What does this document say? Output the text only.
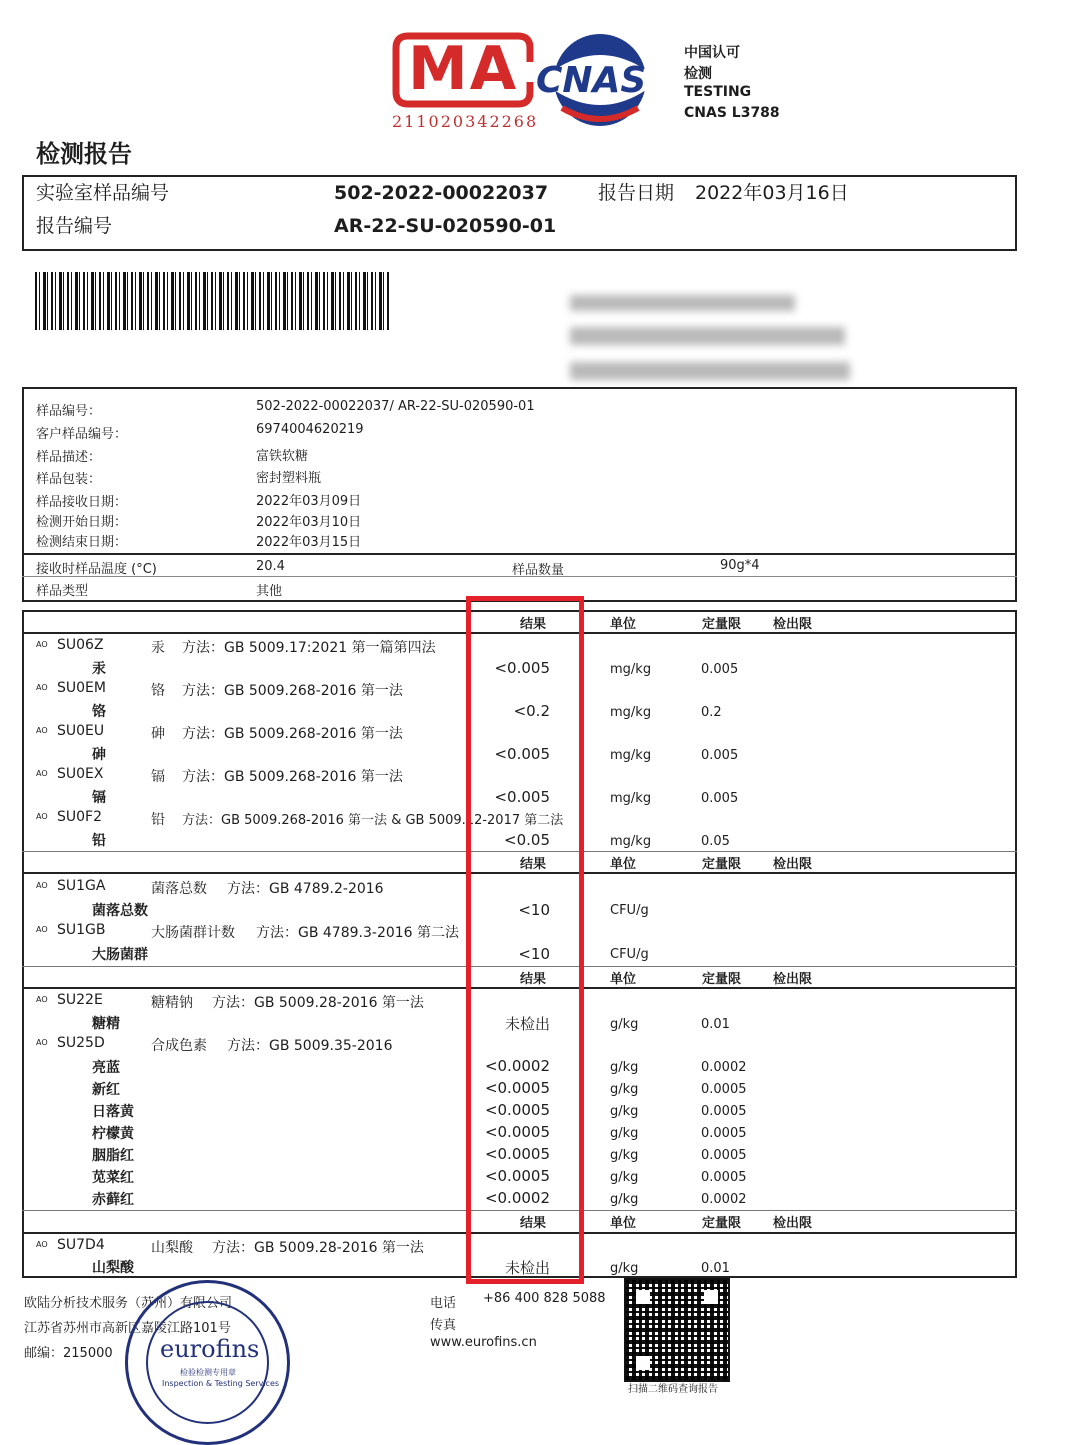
MA
211020342268
CNAS
中国认可
检测
TESTING
CNAS L3788
检测报告
实验室样品编号	502-2022-00022037	报告日期 2022年03月16日
报告编号	AR-22-SU-020590-01
样品编号：	502-2022-00022037/ AR-22-SU-020590-01
客户样品编号：	6974004620219
样品描述：	富铁软糖
样品包装：	密封塑料瓶
样品接收日期：	2022年03月09日
检测开始日期：	2022年03月10日
检测结束日期：	2022年03月15日
接收时样品温度 (°C)	20.4	样品数量	90g*4
样品类型	其他
结果	单位	定量限 检出限
AO SU06Z	汞 方法：GB 5009.17:2021 第一篇第四法
汞	<0.005	mg/kg	0.005
AO SU0EM	铬 方法：GB 5009.268-2016 第一法
铬	<0.2	mg/kg	0.2
AO SU0EU	砷 方法：GB 5009.268-2016 第一法
砷	<0.005	mg/kg	0.005
AO SU0EX	镉 方法：GB 5009.268-2016 第一法
镉	<0.005	mg/kg	0.005
AO SU0F2	铅 方法：GB 5009.268-2016 第一法 & GB 5009.12-2017 第二法
铅	<0.05	mg/kg	0.05
结果	单位	定量限 检出限
AO SU1GA	菌落总数 方法：GB 4789.2-2016
菌落总数	<10	CFU/g
AO SU1GB	大肠菌群计数 方法：GB 4789.3-2016 第二法
大肠菌群	<10	CFU/g
结果	单位	定量限 检出限
AO SU22E	糖精钠 方法：GB 5009.28-2016 第一法
糖精	未检出	g/kg	0.01
AO SU25D	合成色素 方法：GB 5009.35-2016
亮蓝	<0.0002	g/kg	0.0002
新红	<0.0005	g/kg	0.0005
日落黄	<0.0005	g/kg	0.0005
柠檬黄	<0.0005	g/kg	0.0005
胭脂红	<0.0005	g/kg	0.0005
苋菜红	<0.0005	g/kg	0.0005
赤藓红	<0.0002	g/kg	0.0002
结果	单位	定量限 检出限
AO SU7D4	山梨酸 方法：GB 5009.28-2016 第一法
山梨酸	未检出	g/kg	0.01
欧陆分析技术服务（苏州）有限公司
江苏省苏州市高新区嘉陵江路101号
邮编：215000
电话 +86 400 828 5088
传真
www.eurofins.cn
扫描二维码查询报告
eurofins
检验检测专用章
Inspection & Testing Services
